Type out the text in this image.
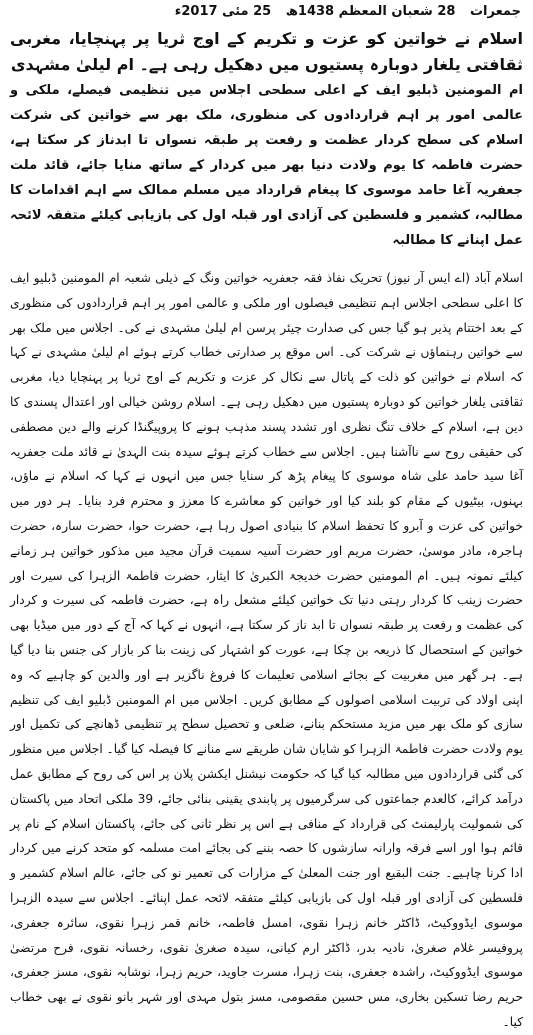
جمعرات 28 شعبان المعظم 1438ھ 25 مئی 2017ء
اسلام نے خواتین کو عزت و تکریم کے اوج ثریا پر پہنچایا، مغربی ثقافتی یلغار دوبارہ پستیوں میں دھکیل رہی ہے۔ ام لیلیٰ مشہدی
ام المومنین ڈبلیو ایف کے اعلی سطحی اجلاس میں تنظیمی فیصلے، ملکی و عالمی امور پر اہم قراردادوں کی منظوری، ملک بھر سے خواتین کی شرکت اسلام کی سطح کردار عظمت و رفعت پر طبقہ نسواں تا ابدناز کر سکتا ہے، حضرت فاطمہ کا یوم ولادت دنیا بھر میں کردار کے ساتھ منایا جائے، قائد ملت جعفریہ آغا حامد موسوی کا پیغام قرارداد میں مسلم ممالک سے اہم اقدامات کا مطالبہ، کشمیر و فلسطین کی آزادی اور قبلہ اول کی بازیابی کیلئے متفقہ لائحہ عمل اپنانے کا مطالبہ
اسلام آباد (اے ایس آر نیوز) تحریک نفاذ فقہ جعفریہ خواتین ونگ کے ذیلی شعبہ ام المومنین ڈبلیو ایف کا اعلی سطحی اجلاس اہم تنظیمی فیصلوں اور ملکی و عالمی امور پر اہم قراردادوں کی منظوری کے بعد اختتام پذیر ہو گیا جس کی صدارت چیئر پرسن ام لیلیٰ مشہدی نے کی۔ اجلاس میں ملک بھر سے خواتین رہنماؤں نے شرکت کی۔ اس موقع پر صدارتی خطاب کرتے ہوئے ام لیلیٰ مشہدی نے کہا کہ اسلام نے خواتین کو ذلت کے پاتال سے نکال کر عزت و تکریم کے اوج ثریا پر پہنچایا دیا، مغربی ثقافتی یلغار خواتین کو دوبارہ پستیوں میں دھکیل رہی ہے۔ اسلام روشن خیالی اور اعتدال پسندی کا دین ہے، اسلام کے خلاف تنگ نظری اور تشدد پسند مذہب ہونے کا پروپیگنڈا کرنے والے دین مصطفی کی حقیقی روح سے ناآشنا ہیں۔ اجلاس سے خطاب کرتے ہوئے سیدہ بنت الہدیٰ نے قائد ملت جعفریہ آغا سید حامد علی شاہ موسوی کا پیغام پڑھ کر سنایا جس میں انہوں نے کہا کہ اسلام نے ماؤں، بہنوں، بیٹیوں کے مقام کو بلند کیا اور خواتین کو معاشرے کا معزز و محترم فرد بنایا۔ ہر دور میں خواتین کی عزت و آبرو کا تحفظ اسلام کا بنیادی اصول رہا ہے، حضرت حوا، حضرت سارہ، حضرت ہاجرہ، مادر موسیٰ، حضرت مریم اور حضرت آسیہ سمیت قرآن مجید میں مذکور خواتین ہر زمانے کیلئے نمونہ ہیں۔ ام المومنین حضرت خدیجۃ الکبریٰ کا ایثار، حضرت فاطمۃ الزہرا کی سیرت اور حضرت زینب کا کردار رہتی دنیا تک خواتین کیلئے مشعل راہ ہے، حضرت فاطمہ کی سیرت و کردار کی عظمت و رفعت پر طبقہ نسواں تا ابد ناز کر سکتا ہے، انہوں نے کہا کہ آج کے دور میں میڈیا بھی خواتین کے استحصال کا ذریعہ بن چکا ہے، عورت کو اشتہار کی زینت بنا کر بازار کی جنس بنا دیا گیا ہے۔ ہر گھر میں مغربیت کے بجائے اسلامی تعلیمات کا فروغ ناگزیر ہے اور والدین کو چاہیے کہ وہ اپنی اولاد کی تربیت اسلامی اصولوں کے مطابق کریں۔ اجلاس میں ام المومنین ڈبلیو ایف کی تنظیم سازی کو ملک بھر میں مزید مستحکم بنانے، ضلعی و تحصیل سطح پر تنظیمی ڈھانچے کی تکمیل اور یوم ولادت حضرت فاطمۃ الزہرا کو شایان شان طریقے سے منانے کا فیصلہ کیا گیا۔ اجلاس میں منظور کی گئی قراردادوں میں مطالبہ کیا گیا کہ حکومت نیشنل ایکشن پلان پر اس کی روح کے مطابق عمل درآمد کرائے، کالعدم جماعتوں کی سرگرمیوں پر پابندی یقینی بنائی جائے، 39 ملکی اتحاد میں پاکستان کی شمولیت پارلیمنٹ کی قرارداد کے منافی ہے اس پر نظر ثانی کی جائے، پاکستان اسلام کے نام پر قائم ہوا اور اسے فرقہ وارانہ سازشوں کا حصہ بننے کی بجائے امت مسلمہ کو متحد کرنے میں کردار ادا کرنا چاہیے۔ جنت البقیع اور جنت المعلیٰ کے مزارات کی تعمیر نو کی جائے، عالم اسلام کشمیر و فلسطین کی آزادی اور قبلہ اول کی بازیابی کیلئے متفقہ لائحہ عمل اپنائے۔ اجلاس سے سیدہ الزہرا موسوی ایڈووکیٹ، ڈاکٹر خانم زہرا نقوی، امسل فاطمہ، خانم قمر زہرا نقوی، سائرہ جعفری، پروفیسر غلام صغریٰ، نادیہ بدر، ڈاکٹر ارم کیانی، سیدہ صغریٰ نقوی، رخسانہ نقوی، فرح مرتضیٰ موسوی ایڈووکیٹ، راشدہ جعفری، بنت زہرا، مسرت جاوید، حریم زہرا، نوشابہ نقوی، مسز جعفری، حریم رضا تسکین بخاری، مس حسین مقصومی، مسز بتول مہدی اور شہر بانو نقوی نے بھی خطاب کیا۔
